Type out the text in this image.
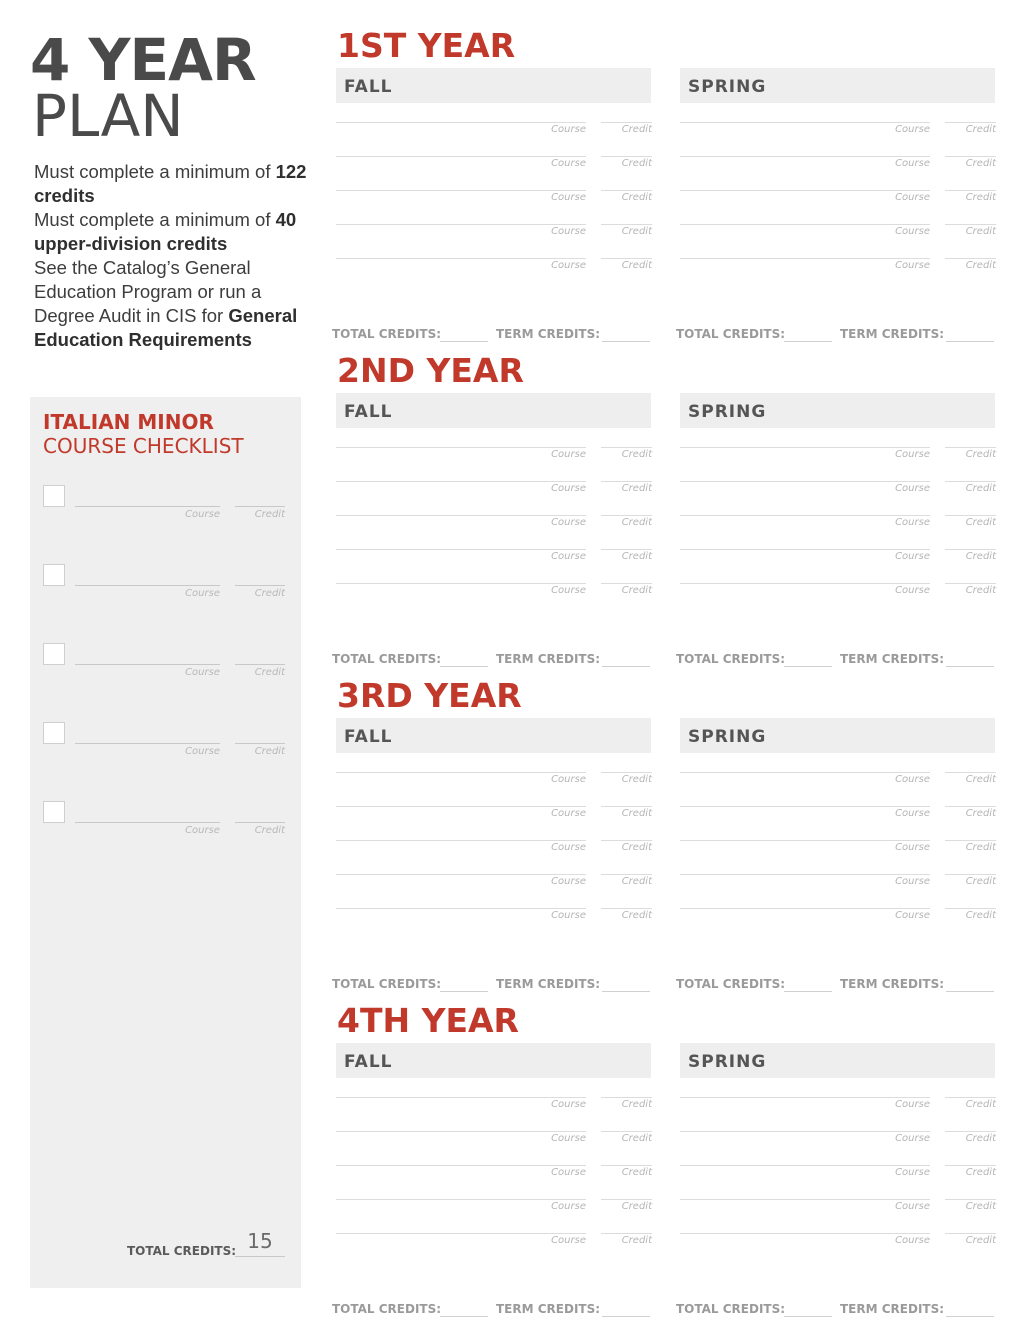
4 YEAR
PLAN
Must complete a minimum of 122 credits
Must complete a minimum of 40 upper-division credits
See the Catalog’s General Education Program or run a Degree Audit in CIS for General Education Requirements
ITALIAN MINOR
COURSE CHECKLIST
Course	Credit
Course	Credit
Course	Credit
Course	Credit
Course	Credit
TOTAL CREDITS: 15
1ST YEAR
FALL
Course	Credit
Course	Credit
Course	Credit
Course	Credit
Course	Credit
TOTAL CREDITS:	TERM CREDITS:
SPRING
Course	Credit
Course	Credit
Course	Credit
Course	Credit
Course	Credit
TOTAL CREDITS:	TERM CREDITS:
2ND YEAR
FALL
Course	Credit
Course	Credit
Course	Credit
Course	Credit
Course	Credit
TOTAL CREDITS:	TERM CREDITS:
SPRING
Course	Credit
Course	Credit
Course	Credit
Course	Credit
Course	Credit
TOTAL CREDITS:	TERM CREDITS:
3RD YEAR
FALL
Course	Credit
Course	Credit
Course	Credit
Course	Credit
Course	Credit
TOTAL CREDITS:	TERM CREDITS:
SPRING
Course	Credit
Course	Credit
Course	Credit
Course	Credit
Course	Credit
TOTAL CREDITS:	TERM CREDITS:
4TH YEAR
FALL
Course	Credit
Course	Credit
Course	Credit
Course	Credit
Course	Credit
TOTAL CREDITS:	TERM CREDITS:
SPRING
Course	Credit
Course	Credit
Course	Credit
Course	Credit
Course	Credit
TOTAL CREDITS:	TERM CREDITS:
